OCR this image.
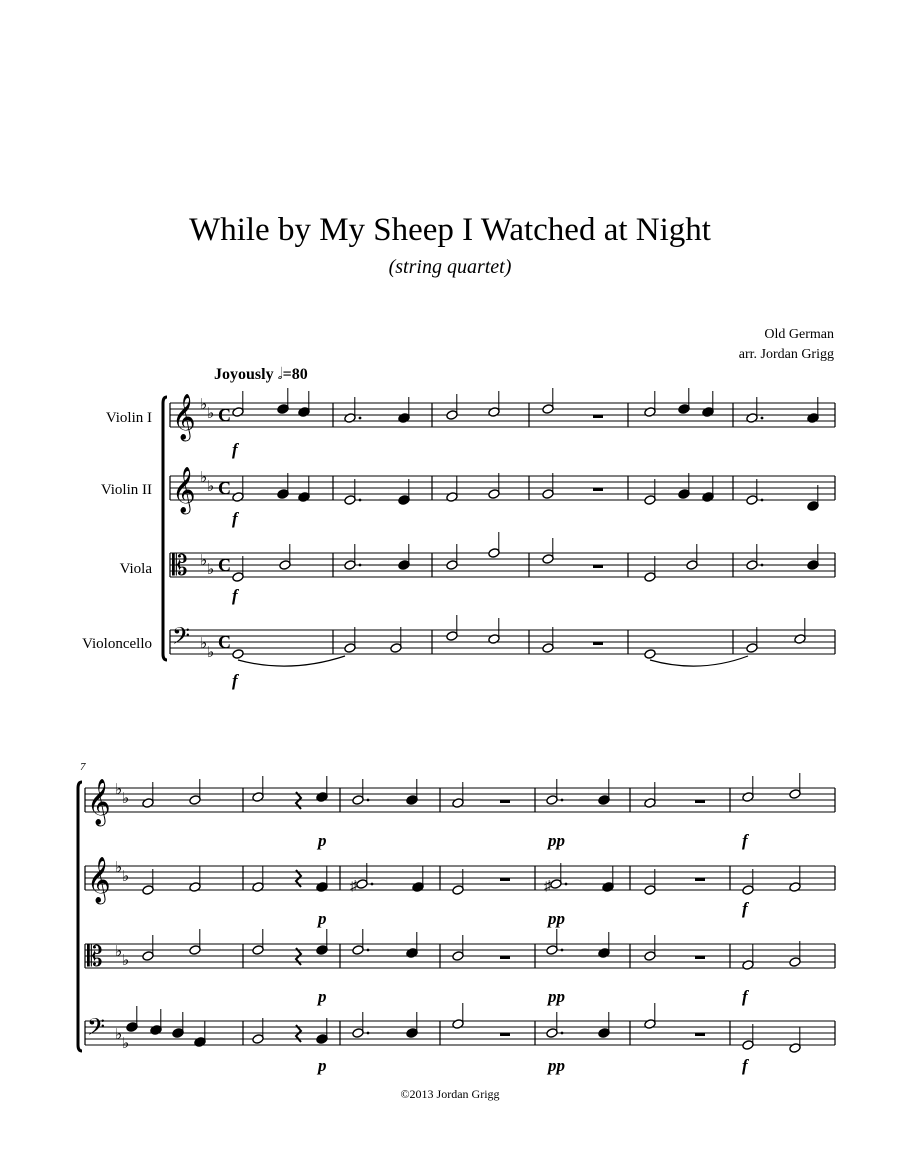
While by My Sheep I Watched at Night
(string quartet)
Old German
arr. Jordan Grigg
Joyously 𝅗𝅥=80
Violin I
Violin II
Viola
Violoncello
𝄞 ♭
♭ C
𝄞 ♭
♭ C
𝄡 ♭
♭ C
𝄢 ♭
♭
C
f
f
f
f
𝄞 ♭
♭
𝄞 ♭
♭
𝄡 ♭
♭
𝄢 ♭
♭
p	pp	f
♯	♯
p	pp
f
p	pp	f
p	pp	f
7
©2013 Jordan Grigg
